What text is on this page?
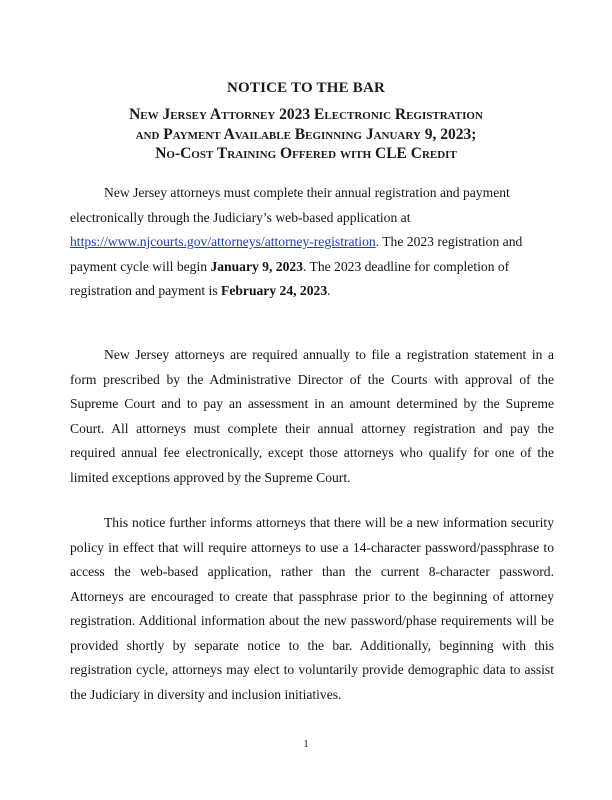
NOTICE TO THE BAR
New Jersey Attorney 2023 Electronic Registration
and Payment Available Beginning January 9, 2023;
No-Cost Training Offered with CLE Credit

New Jersey attorneys must complete their annual registration and payment electronically through the Judiciary’s web-based application at https://www.njcourts.gov/attorneys/attorney-registration. The 2023 registration and payment cycle will begin January 9, 2023. The 2023 deadline for completion of registration and payment is February 24, 2023.

New Jersey attorneys are required annually to file a registration statement in a form prescribed by the Administrative Director of the Courts with approval of the Supreme Court and to pay an assessment in an amount determined by the Supreme Court. All attorneys must complete their annual attorney registration and pay the required annual fee electronically, except those attorneys who qualify for one of the limited exceptions approved by the Supreme Court.

This notice further informs attorneys that there will be a new information security policy in effect that will require attorneys to use a 14-character password/passphrase to access the web-based application, rather than the current 8-character password. Attorneys are encouraged to create that passphrase prior to the beginning of attorney registration. Additional information about the new password/phase requirements will be provided shortly by separate notice to the bar. Additionally, beginning with this registration cycle, attorneys may elect to voluntarily provide demographic data to assist the Judiciary in diversity and inclusion initiatives.

1
